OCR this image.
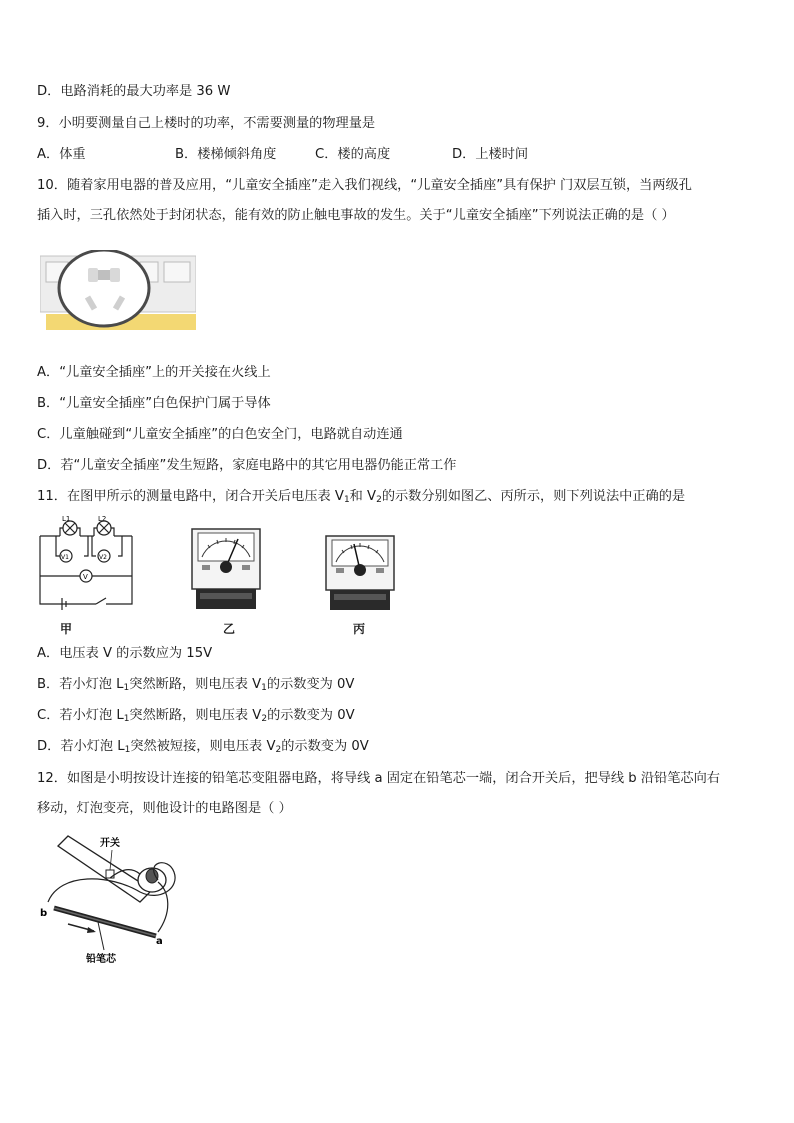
D．电路消耗的最大功率是 36 W
9．小明要测量自己上楼时的功率，不需要测量的物理量是
A．体重	B．楼梯倾斜角度	C．楼的高度	D．上楼时间
10．随着家用电器的普及应用，“儿童安全插座”走入我们视线，“儿童安全插座”具有保护 门双层互锁，当两级孔
插入时，三孔依然处于封闭状态，能有效的防止触电事故的发生。关于“儿童安全插座”下列说法正确的是（ ）
A．“儿童安全插座”上的开关接在火线上
B．“儿童安全插座”白色保护门属于导体
C．儿童触碰到“儿童安全插座”的白色安全门，电路就自动连通
D．若“儿童安全插座”发生短路，家庭电路中的其它用电器仍能正常工作
11．在图甲所示的测量电路中，闭合开关后电压表 $V_1$和 $V_2$的示数分别如图乙、丙所示，则下列说法中正确的是
L1	L2
V1	V2
V
甲	乙	丙
A．电压表 V 的示数应为 15V
B．若小灯泡 $L_1$突然断路，则电压表 $V_1$的示数变为 0V
C．若小灯泡 $L_1$突然断路，则电压表 $V_2$的示数变为 0V
D．若小灯泡 $L_1$突然被短接，则电压表 $V_2$的示数变为 0V
12．如图是小明按设计连接的铅笔芯变阻器电路，将导线 a 固定在铅笔芯一端，闭合开关后，把导线 b 沿铅笔芯向右
移动，灯泡变亮，则他设计的电路图是（ ）
开关
b
a
铅笔芯
